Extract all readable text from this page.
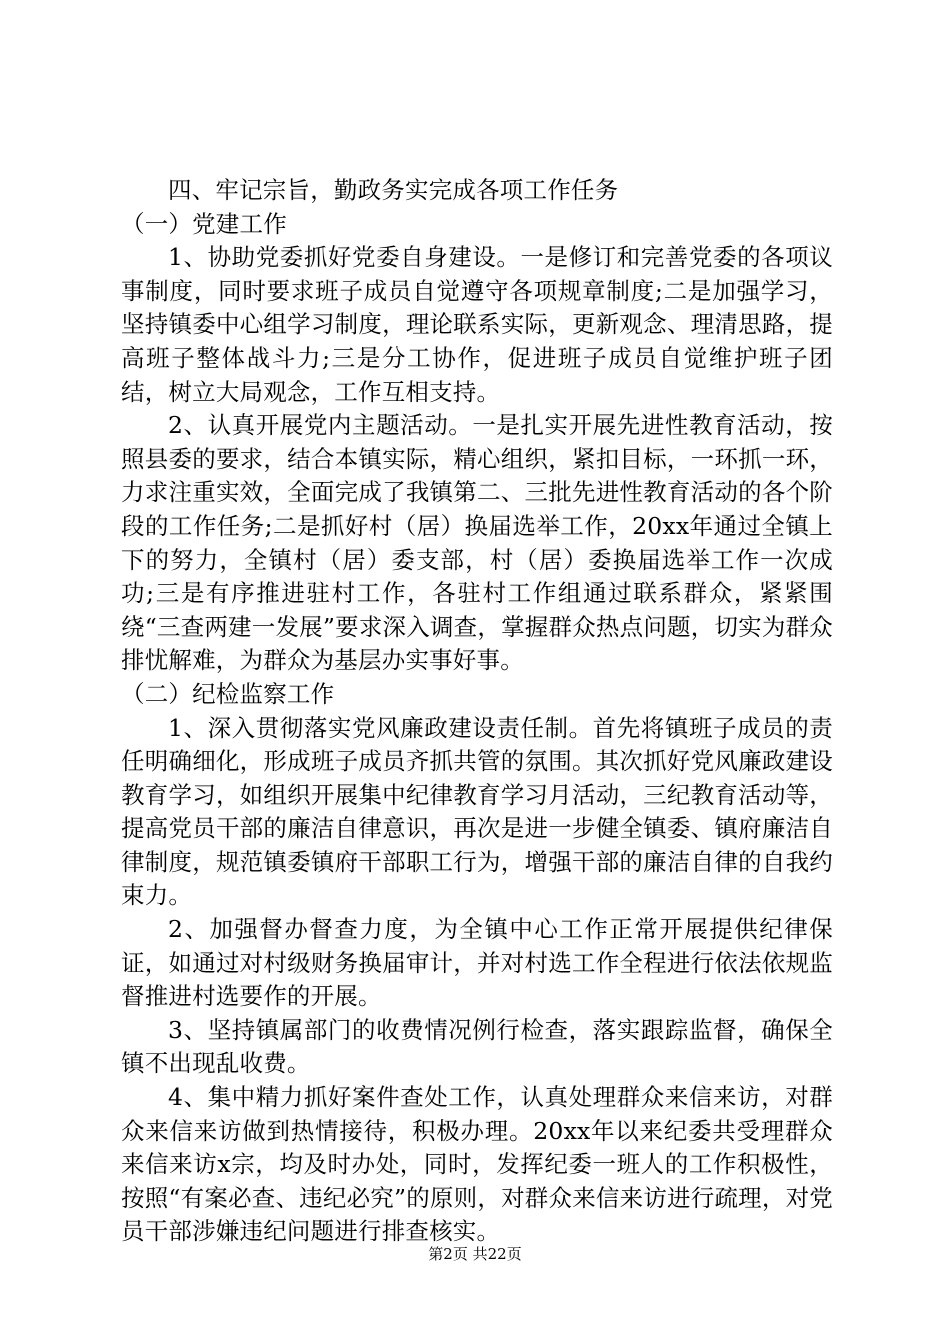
四、牢记宗旨，勤政务实完成各项工作任务

（一）党建工作

1、协助党委抓好党委自身建设。一是修订和完善党委的各项议事制度，同时要求班子成员自觉遵守各项规章制度;二是加强学习，坚持镇委中心组学习制度，理论联系实际，更新观念、理清思路，提高班子整体战斗力;三是分工协作，促进班子成员自觉维护班子团结，树立大局观念，工作互相支持。

2、认真开展党内主题活动。一是扎实开展先进性教育活动，按照县委的要求，结合本镇实际，精心组织，紧扣目标，一环抓一环，力求注重实效，全面完成了我镇第二、三批先进性教育活动的各个阶段的工作任务;二是抓好村（居）换届选举工作，20xx年通过全镇上下的努力，全镇村（居）委支部，村（居）委换届选举工作一次成功;三是有序推进驻村工作，各驻村工作组通过联系群众，紧紧围绕“三查两建一发展”要求深入调查，掌握群众热点问题，切实为群众排忧解难，为群众为基层办实事好事。

（二）纪检监察工作

1、深入贯彻落实党风廉政建设责任制。首先将镇班子成员的责任明确细化，形成班子成员齐抓共管的氛围。其次抓好党风廉政建设教育学习，如组织开展集中纪律教育学习月活动，三纪教育活动等，提高党员干部的廉洁自律意识，再次是进一步健全镇委、镇府廉洁自律制度，规范镇委镇府干部职工行为，增强干部的廉洁自律的自我约束力。

2、加强督办督查力度，为全镇中心工作正常开展提供纪律保证，如通过对村级财务换届审计，并对村选工作全程进行依法依规监督推进村选要作的开展。

3、坚持镇属部门的收费情况例行检查，落实跟踪监督，确保全镇不出现乱收费。

4、集中精力抓好案件查处工作，认真处理群众来信来访，对群众来信来访做到热情接待，积极办理。20xx年以来纪委共受理群众来信来访x宗，均及时办处，同时，发挥纪委一班人的工作积极性，按照“有案必查、违纪必究”的原则，对群众来信来访进行疏理，对党员干部涉嫌违纪问题进行排查核实。

第2页 共22页
